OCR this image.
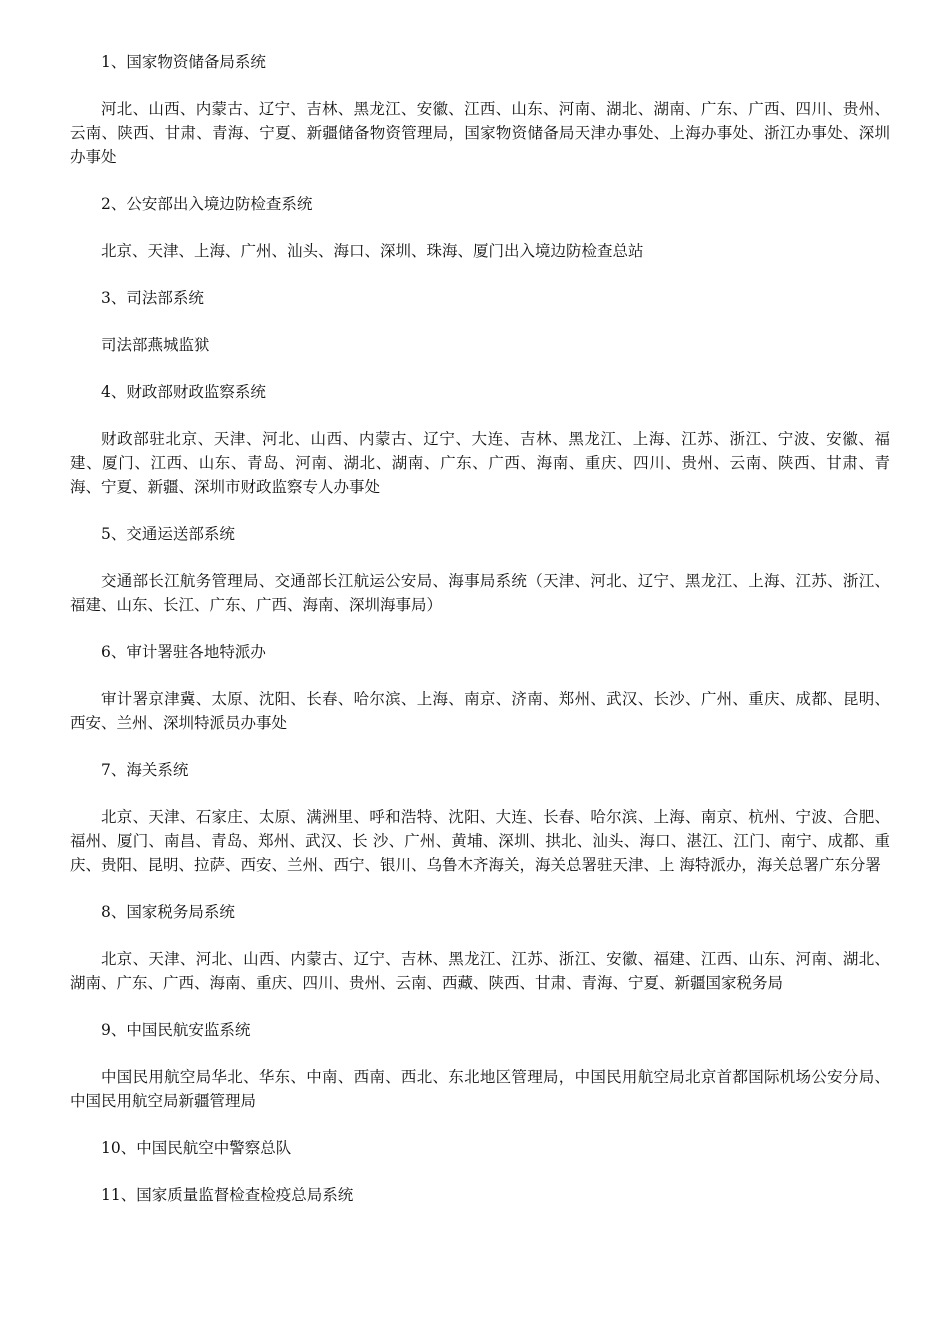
1、国家物资储备局系统

河北、山西、内蒙古、辽宁、吉林、黑龙江、安徽、江西、山东、河南、湖北、湖南、广东、广西、四川、贵州、云南、陕西、甘肃、青海、宁夏、新疆储备物资管理局，国家物资储备局天津办事处、上海办事处、浙江办事处、深圳办事处

2、公安部出入境边防检查系统

北京、天津、上海、广州、汕头、海口、深圳、珠海、厦门出入境边防检查总站

3、司法部系统

司法部燕城监狱

4、财政部财政监察系统

财政部驻北京、天津、河北、山西、内蒙古、辽宁、大连、吉林、黑龙江、上海、江苏、浙江、宁波、安徽、福建、厦门、江西、山东、青岛、河南、湖北、湖南、广东、广西、海南、重庆、四川、贵州、云南、陕西、甘肃、青海、宁夏、新疆、深圳市财政监察专人办事处

5、交通运送部系统

交通部长江航务管理局、交通部长江航运公安局、海事局系统（天津、河北、辽宁、黑龙江、上海、江苏、浙江、福建、山东、长江、广东、广西、海南、深圳海事局）

6、审计署驻各地特派办

审计署京津冀、太原、沈阳、长春、哈尔滨、上海、南京、济南、郑州、武汉、长沙、广州、重庆、成都、昆明、西安、兰州、深圳特派员办事处

7、海关系统

北京、天津、石家庄、太原、满洲里、呼和浩特、沈阳、大连、长春、哈尔滨、上海、南京、杭州、宁波、合肥、福州、厦门、南昌、青岛、郑州、武汉、长 沙、广州、黄埔、深圳、拱北、汕头、海口、湛江、江门、南宁、成都、重庆、贵阳、昆明、拉萨、西安、兰州、西宁、银川、乌鲁木齐海关，海关总署驻天津、上 海特派办，海关总署广东分署

8、国家税务局系统

北京、天津、河北、山西、内蒙古、辽宁、吉林、黑龙江、江苏、浙江、安徽、福建、江西、山东、河南、湖北、湖南、广东、广西、海南、重庆、四川、贵州、云南、西藏、陕西、甘肃、青海、宁夏、新疆国家税务局

9、中国民航安监系统

中国民用航空局华北、华东、中南、西南、西北、东北地区管理局，中国民用航空局北京首都国际机场公安分局、中国民用航空局新疆管理局

10、中国民航空中警察总队

11、国家质量监督检查检疫总局系统
